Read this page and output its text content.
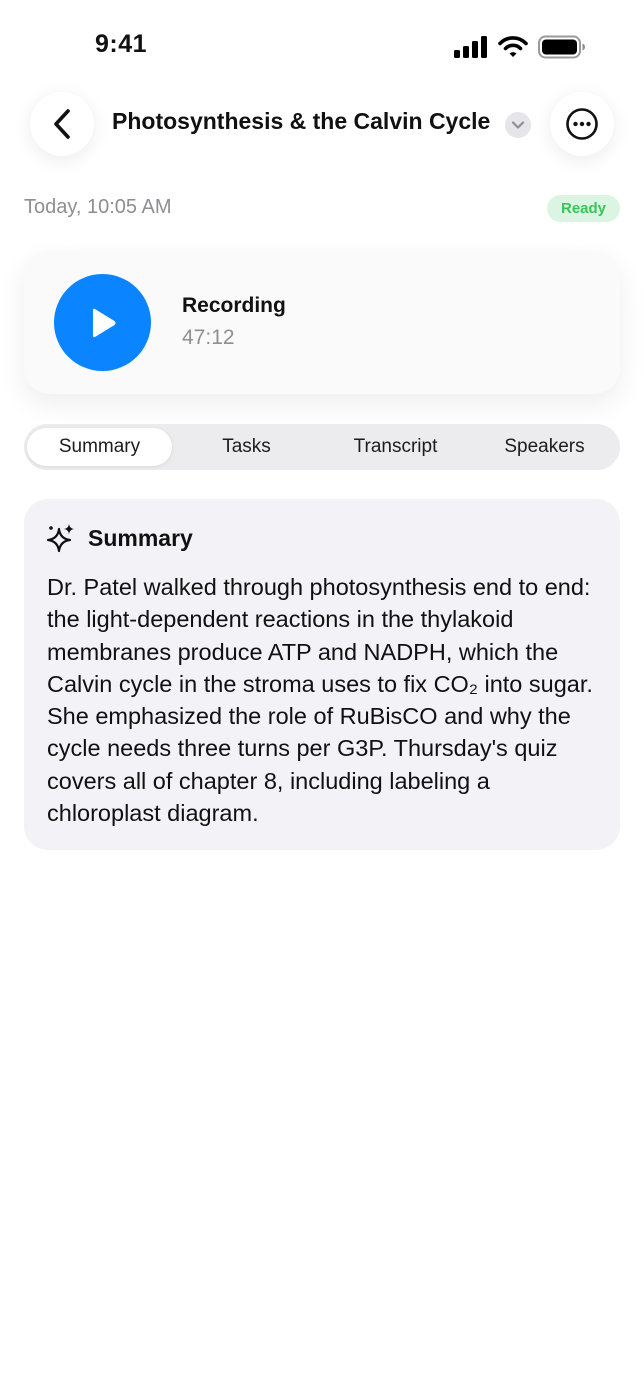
9:41
Photosynthesis & the Calvin Cycle
Today, 10:05 AM	Ready
Recording
47:12
Summary	Tasks	Transcript	Speakers
Summary
Dr. Patel walked through photosynthesis end to end: the light-dependent reactions in the thylakoid membranes produce ATP and NADPH, which the Calvin cycle in the stroma uses to fix CO₂ into sugar. She emphasized the role of RuBisCO and why the cycle needs three turns per G3P. Thursday's quiz covers all of chapter 8, including labeling a chloroplast diagram.
